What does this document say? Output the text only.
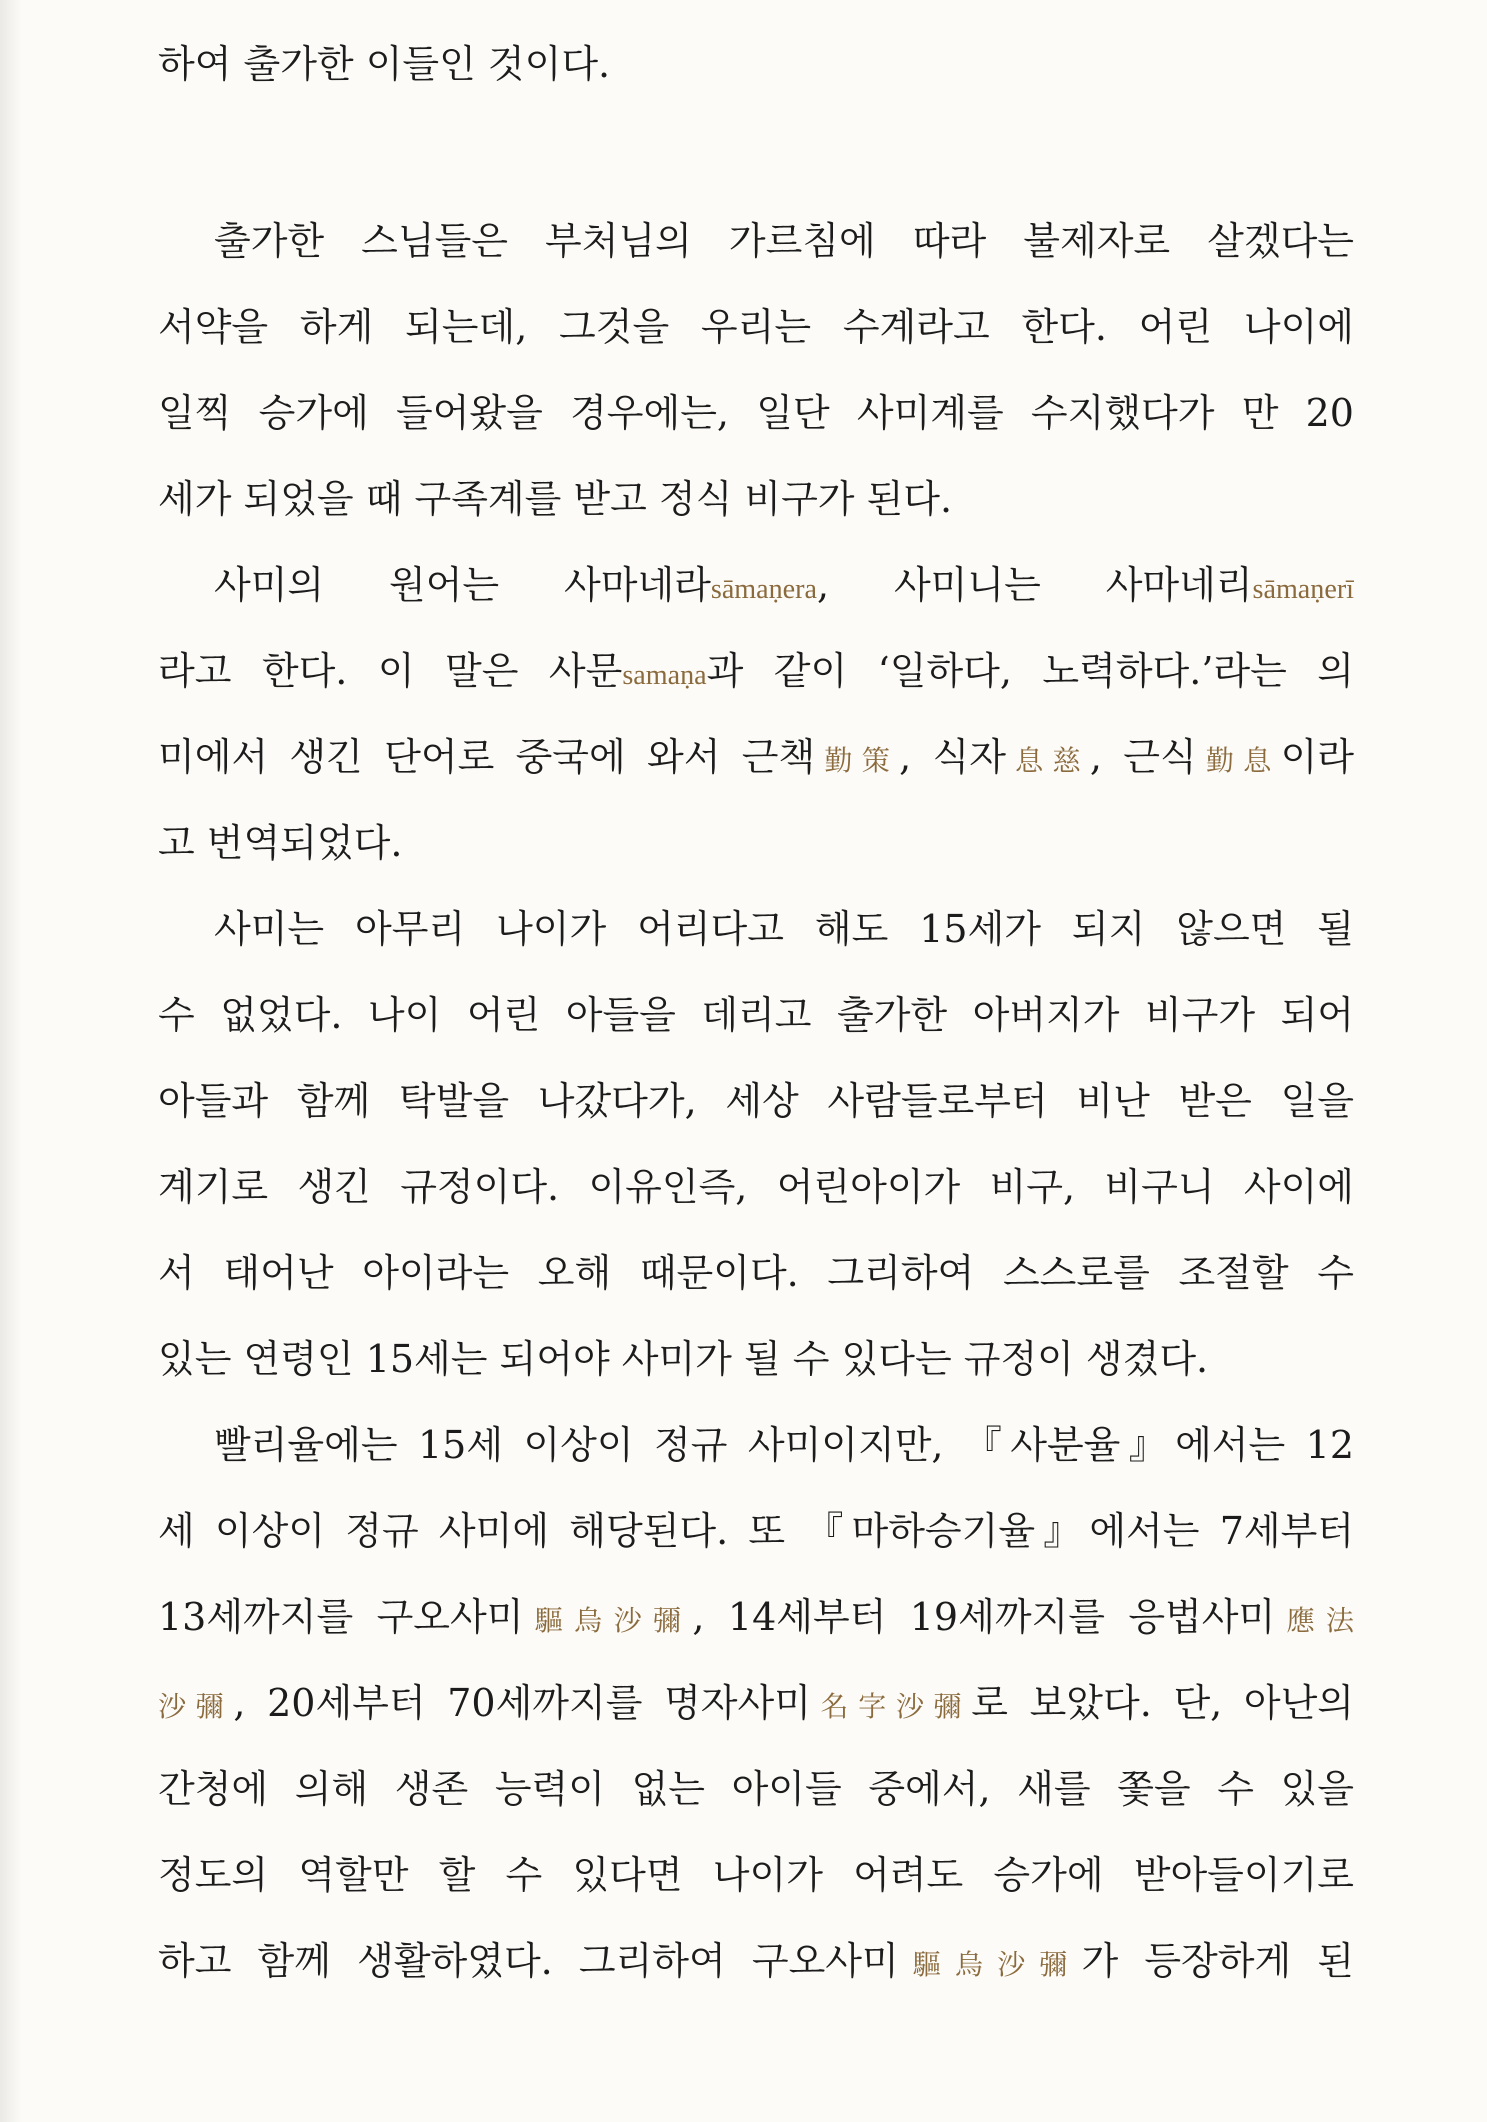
하여 출가한 이들인 것이다.
출가한 스님들은 부처님의 가르침에 따라 불제자로 살겠다는
서약을 하게 되는데, 그것을 우리는 수계라고 한다. 어린 나이에
일찍 승가에 들어왔을 경우에는, 일단 사미계를 수지했다가 만 20
세가 되었을 때 구족계를 받고 정식 비구가 된다.
사미의 원어는 사마네라sāmaṇera, 사미니는 사마네리sāmaṇerī
라고 한다. 이 말은 사문samaṇa과 같이 ‘일하다, 노력하다.’라는 의
미에서 생긴 단어로 중국에 와서 근책勤策, 식자息慈, 근식勤息이라
고 번역되었다.
사미는 아무리 나이가 어리다고 해도 15세가 되지 않으면 될
수 없었다. 나이 어린 아들을 데리고 출가한 아버지가 비구가 되어
아들과 함께 탁발을 나갔다가, 세상 사람들로부터 비난 받은 일을
계기로 생긴 규정이다. 이유인즉, 어린아이가 비구, 비구니 사이에
서 태어난 아이라는 오해 때문이다. 그리하여 스스로를 조절할 수
있는 연령인 15세는 되어야 사미가 될 수 있다는 규정이 생겼다.
빨리율에는 15세 이상이 정규 사미이지만, 『사분율』에서는 12
세 이상이 정규 사미에 해당된다. 또 『마하승기율』에서는 7세부터
13세까지를 구오사미驅烏沙彌, 14세부터 19세까지를 응법사미應法
沙彌, 20세부터 70세까지를 명자사미名字沙彌로 보았다. 단, 아난의
간청에 의해 생존 능력이 없는 아이들 중에서, 새를 쫓을 수 있을
정도의 역할만 할 수 있다면 나이가 어려도 승가에 받아들이기로
하고 함께 생활하였다. 그리하여 구오사미驅烏沙彌가 등장하게 된
